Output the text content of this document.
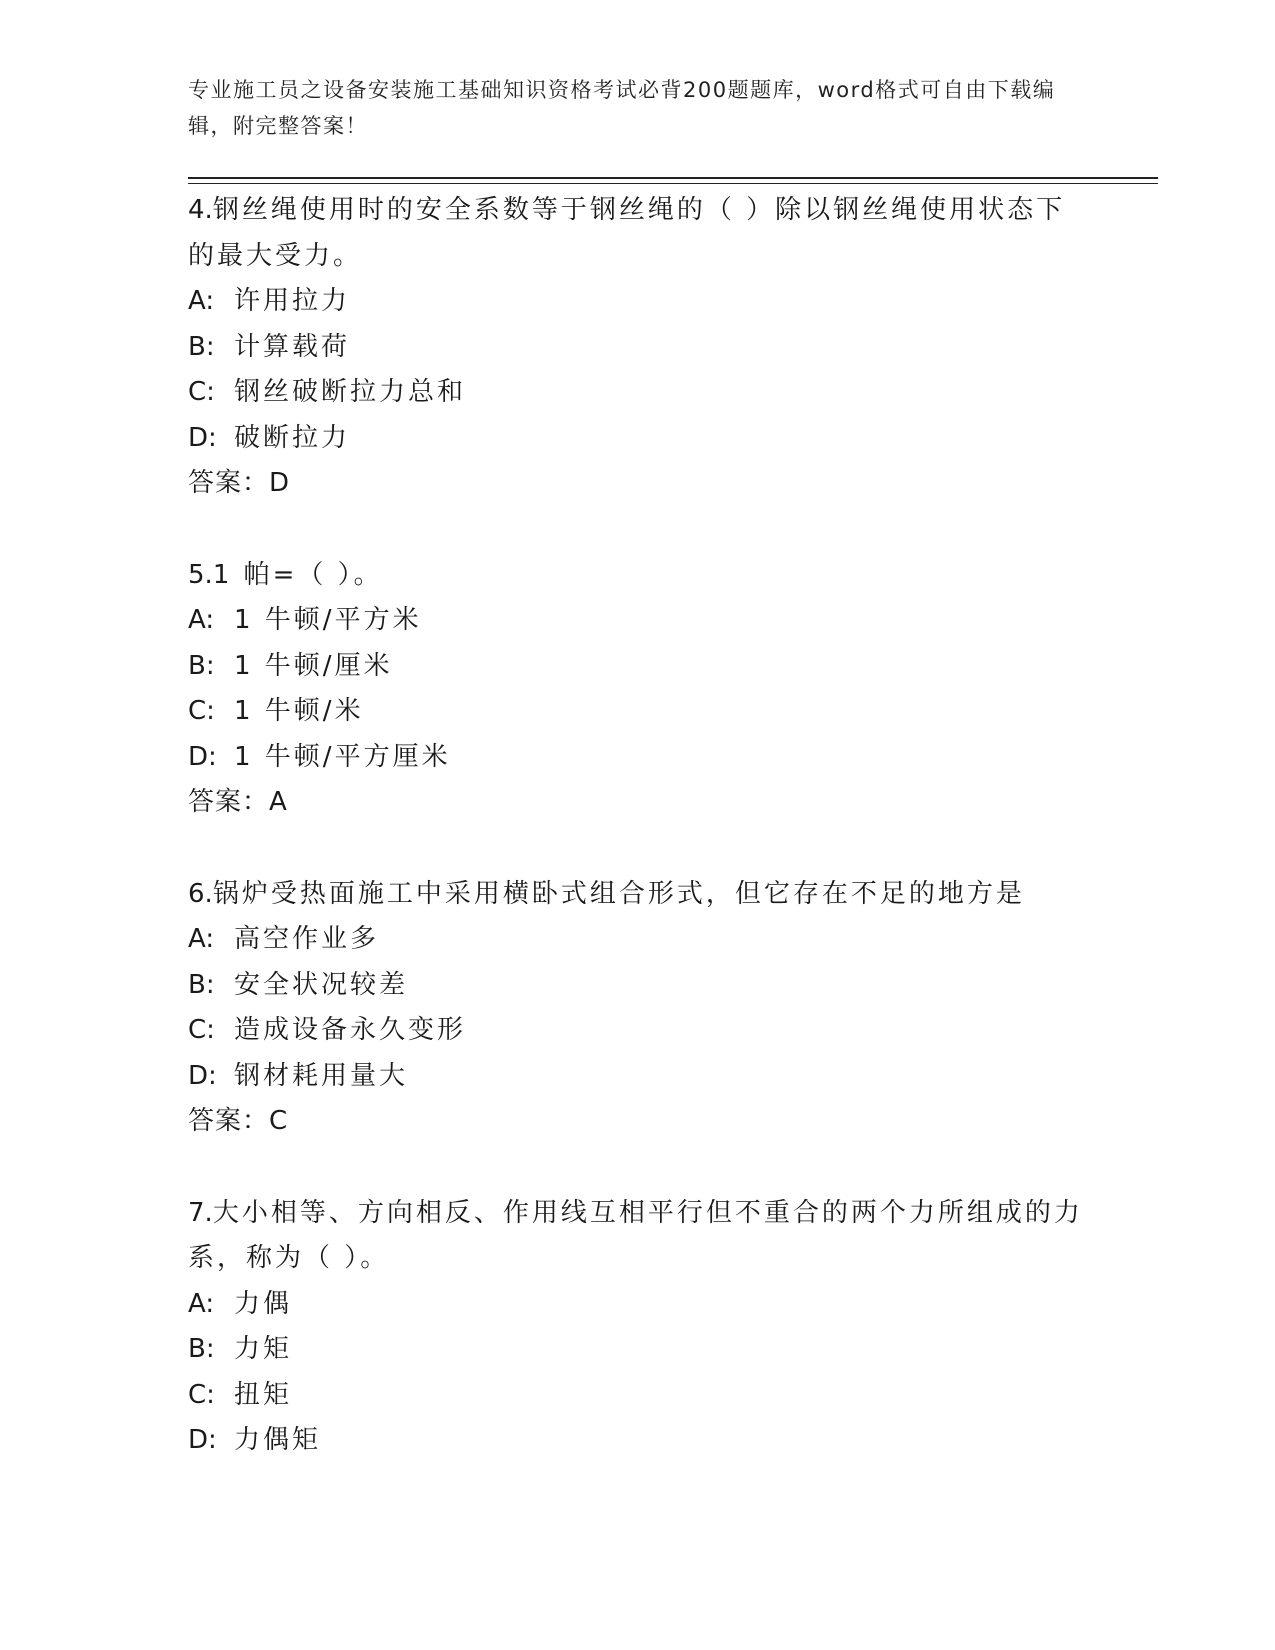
专业施工员之设备安装施工基础知识资格考试必背200题题库，word格式可自由下载编辑，附完整答案！
4.钢丝绳使用时的安全系数等于钢丝绳的（ ）除以钢丝绳使用状态下的最大受力。
A: 许用拉力
B: 计算载荷
C: 钢丝破断拉力总和
D: 破断拉力
答案：D
5.1 帕=（ ）。
A: 1 牛顿/平方米
B: 1 牛顿/厘米
C: 1 牛顿/米
D: 1 牛顿/平方厘米
答案：A
6.锅炉受热面施工中采用横卧式组合形式，但它存在不足的地方是
A: 高空作业多
B: 安全状况较差
C: 造成设备永久变形
D: 钢材耗用量大
答案：C
7.大小相等、方向相反、作用线互相平行但不重合的两个力所组成的力系，称为（ ）。
A: 力偶
B: 力矩
C: 扭矩
D: 力偶矩
